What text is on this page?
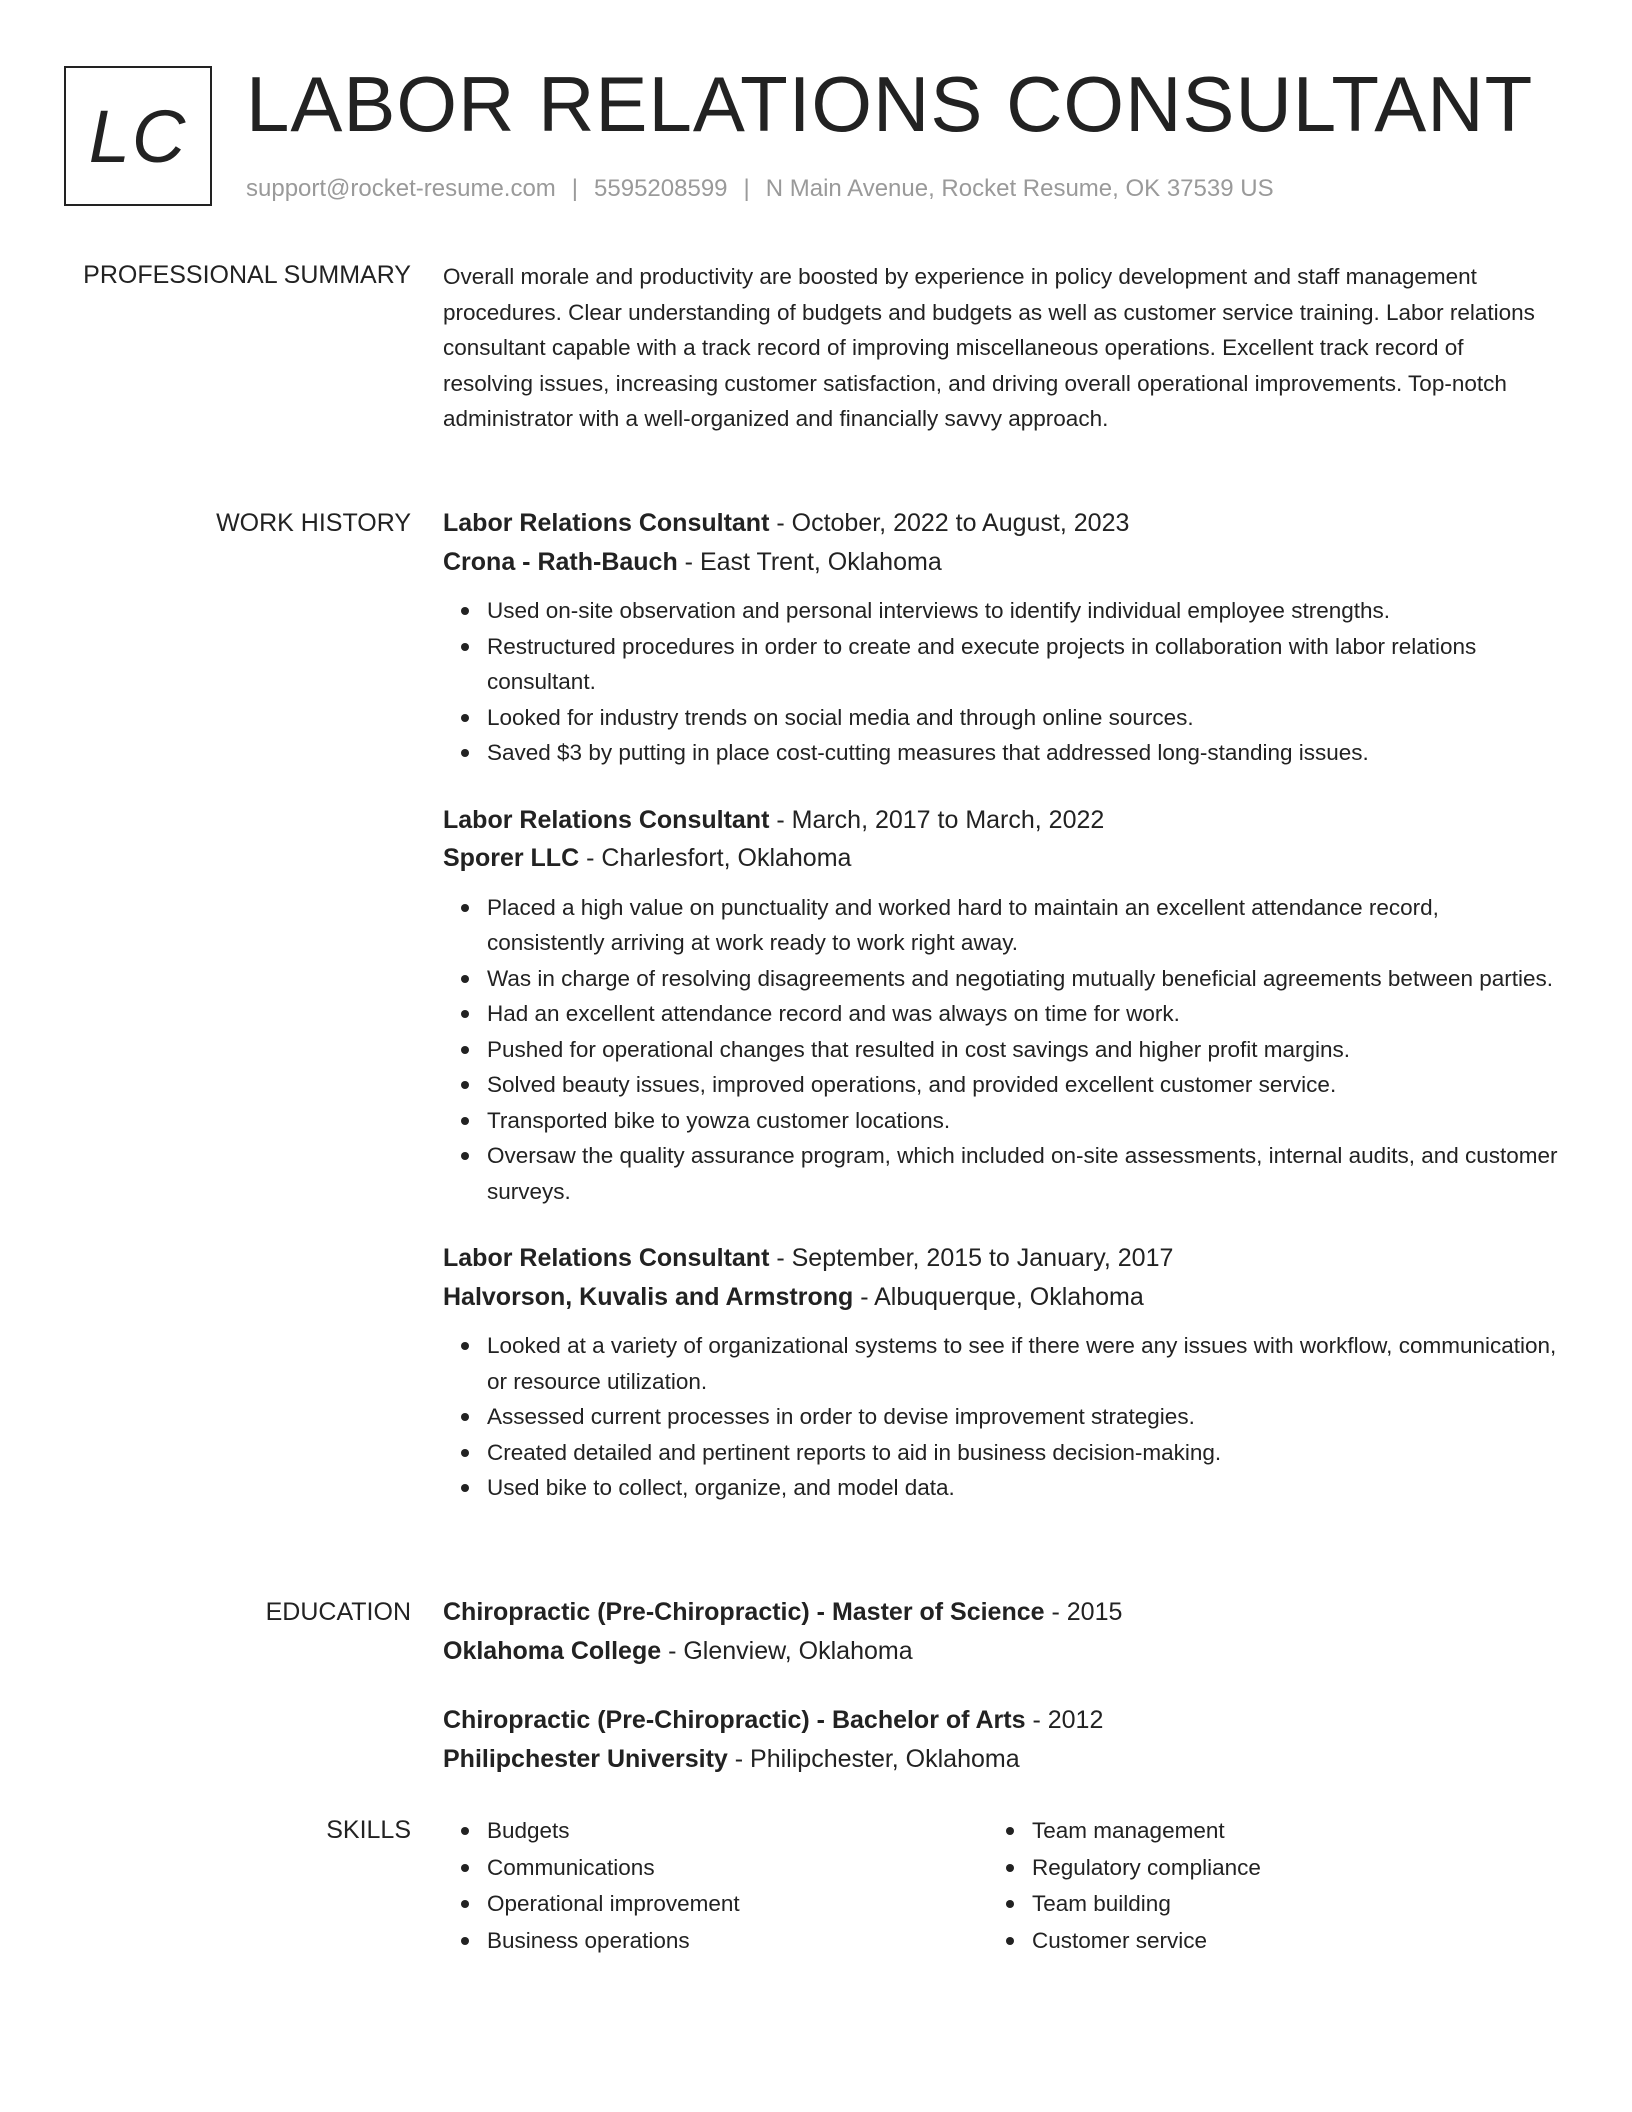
LC LABOR RELATIONS CONSULTANT
support@rocket-resume.com | 5595208599 | N Main Avenue, Rocket Resume, OK 37539 US
PROFESSIONAL SUMMARY Overall morale and productivity are boosted by experience in policy development and staff management procedures. Clear understanding of budgets and budgets as well as customer service training. Labor relations consultant capable with a track record of improving miscellaneous operations. Excellent track record of resolving issues, increasing customer satisfaction, and driving overall operational improvements. Top-notch administrator with a well-organized and financially savvy approach.

WORK HISTORY Labor Relations Consultant - October, 2022 to August, 2023
Crona - Rath-Bauch - East Trent, Oklahoma
Used on-site observation and personal interviews to identify individual employee strengths.
Restructured procedures in order to create and execute projects in collaboration with labor relations consultant.
Looked for industry trends on social media and through online sources.
Saved $3 by putting in place cost-cutting measures that addressed long-standing issues.
Labor Relations Consultant - March, 2017 to March, 2022
Sporer LLC - Charlesfort, Oklahoma
Placed a high value on punctuality and worked hard to maintain an excellent attendance record, consistently arriving at work ready to work right away.
Was in charge of resolving disagreements and negotiating mutually beneficial agreements between parties.
Had an excellent attendance record and was always on time for work.
Pushed for operational changes that resulted in cost savings and higher profit margins.
Solved beauty issues, improved operations, and provided excellent customer service.
Transported bike to yowza customer locations.
Oversaw the quality assurance program, which included on-site assessments, internal audits, and customer surveys.
Labor Relations Consultant - September, 2015 to January, 2017
Halvorson, Kuvalis and Armstrong - Albuquerque, Oklahoma
Looked at a variety of organizational systems to see if there were any issues with workflow, communication, or resource utilization.
Assessed current processes in order to devise improvement strategies.
Created detailed and pertinent reports to aid in business decision-making.
Used bike to collect, organize, and model data.
EDUCATION Chiropractic (Pre-Chiropractic) - Master of Science - 2015
Oklahoma College - Glenview, Oklahoma
Chiropractic (Pre-Chiropractic) - Bachelor of Arts - 2012
Philipchester University - Philipchester, Oklahoma
SKILLS	Budgets
Communications
Operational improvement
Business operations
Team management
Regulatory compliance
Team building
Customer service
